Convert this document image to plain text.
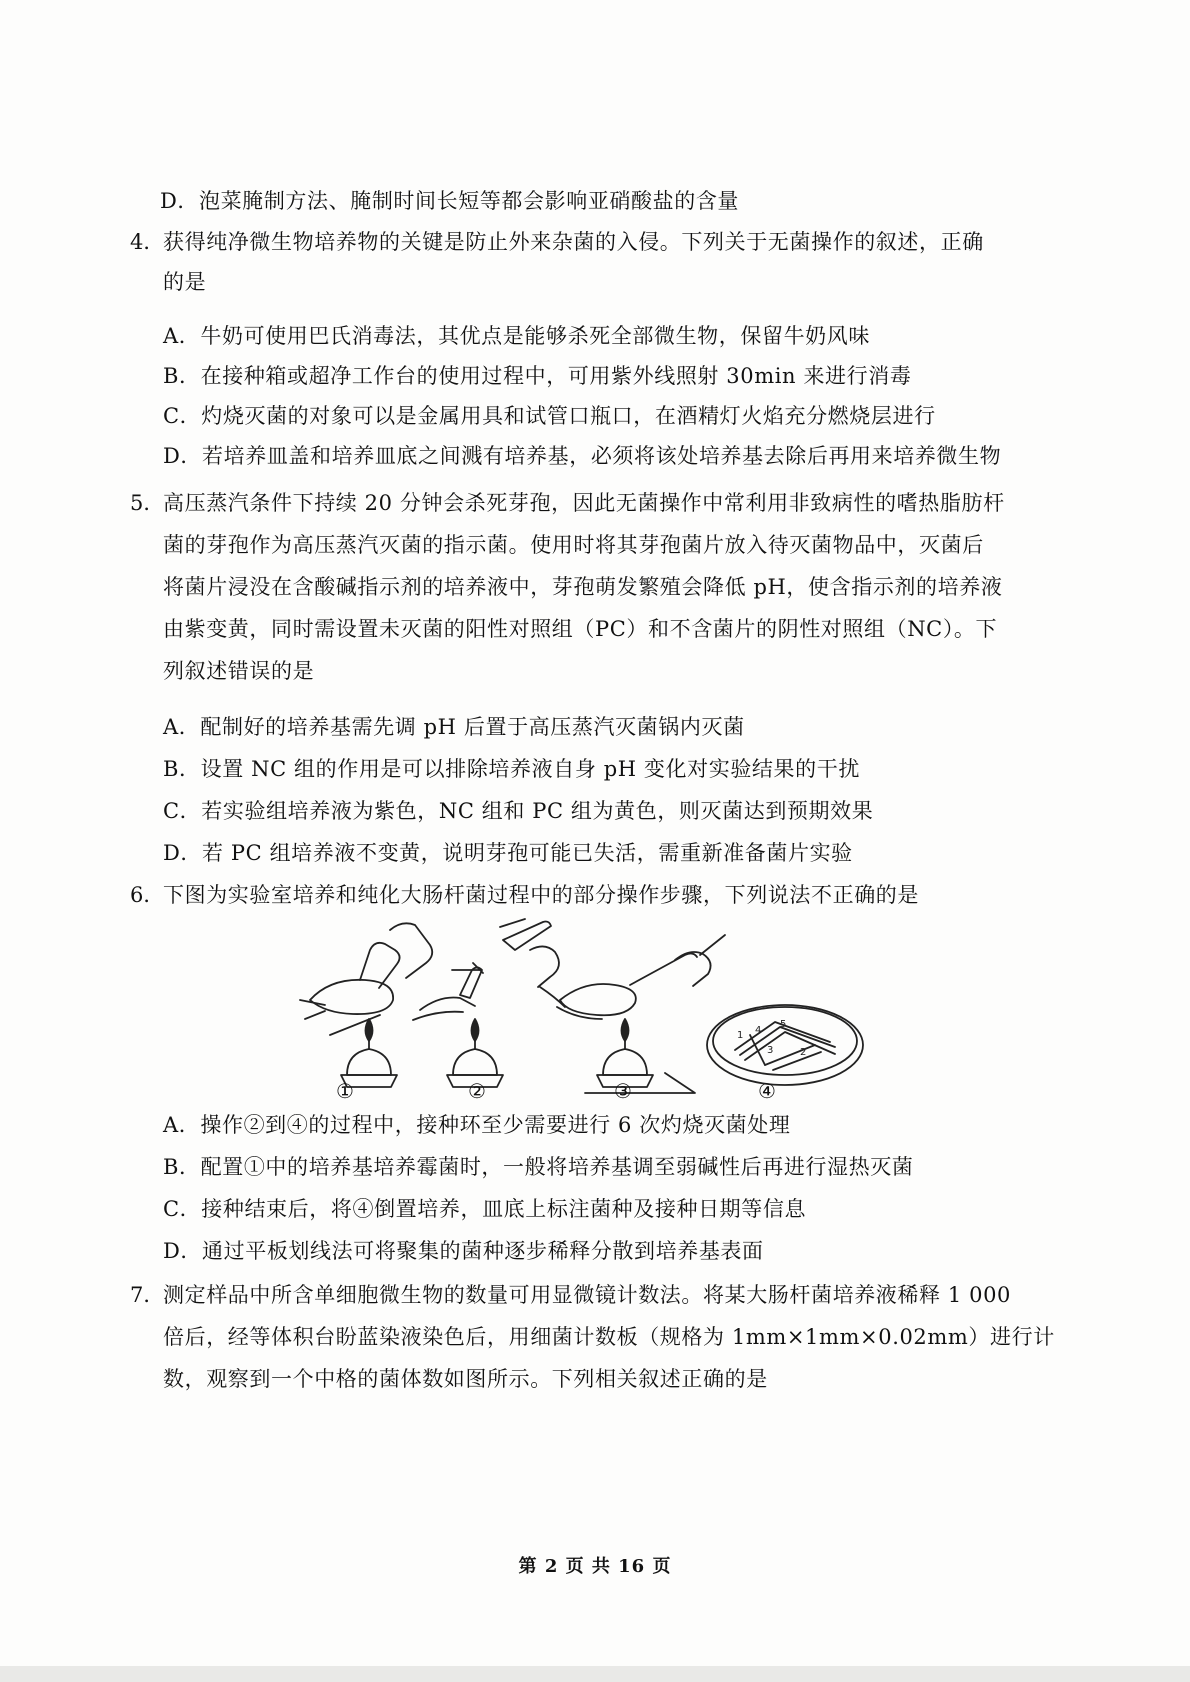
D．泡菜腌制方法、腌制时间长短等都会影响亚硝酸盐的含量
4．
获得纯净微生物培养物的关键是防止外来杂菌的入侵。下列关于无菌操作的叙述，正确
的是
A．牛奶可使用巴氏消毒法，其优点是能够杀死全部微生物，保留牛奶风味
B．在接种箱或超净工作台的使用过程中，可用紫外线照射 30min 来进行消毒
C．灼烧灭菌的对象可以是金属用具和试管口瓶口，在酒精灯火焰充分燃烧层进行
D．若培养皿盖和培养皿底之间溅有培养基，必须将该处培养基去除后再用来培养微生物
5．
高压蒸汽条件下持续 20 分钟会杀死芽孢，因此无菌操作中常利用非致病性的嗜热脂肪杆
菌的芽孢作为高压蒸汽灭菌的指示菌。使用时将其芽孢菌片放入待灭菌物品中，灭菌后
将菌片浸没在含酸碱指示剂的培养液中，芽孢萌发繁殖会降低 pH，使含指示剂的培养液
由紫变黄，同时需设置未灭菌的阳性对照组（PC）和不含菌片的阴性对照组（NC）。下
列叙述错误的是
A．配制好的培养基需先调 pH 后置于高压蒸汽灭菌锅内灭菌
B．设置 NC 组的作用是可以排除培养液自身 pH 变化对实验结果的干扰
C．若实验组培养液为紫色，NC 组和 PC 组为黄色，则灭菌达到预期效果
D．若 PC 组培养液不变黄，说明芽孢可能已失活，需重新准备菌片实验
6．
下图为实验室培养和纯化大肠杆菌过程中的部分操作步骤，下列说法不正确的是
1
2
3
4
5
①	②	③	④
A．操作②到④的过程中，接种环至少需要进行 6 次灼烧灭菌处理
B．配置①中的培养基培养霉菌时，一般将培养基调至弱碱性后再进行湿热灭菌
C．接种结束后，将④倒置培养，皿底上标注菌种及接种日期等信息
D．通过平板划线法可将聚集的菌种逐步稀释分散到培养基表面
7．
测定样品中所含单细胞微生物的数量可用显微镜计数法。将某大肠杆菌培养液稀释 1 000
倍后，经等体积台盼蓝染液染色后，用细菌计数板（规格为 1mm×1mm×0.02mm）进行计
数，观察到一个中格的菌体数如图所示。下列相关叙述正确的是
第 2 页 共 16 页
